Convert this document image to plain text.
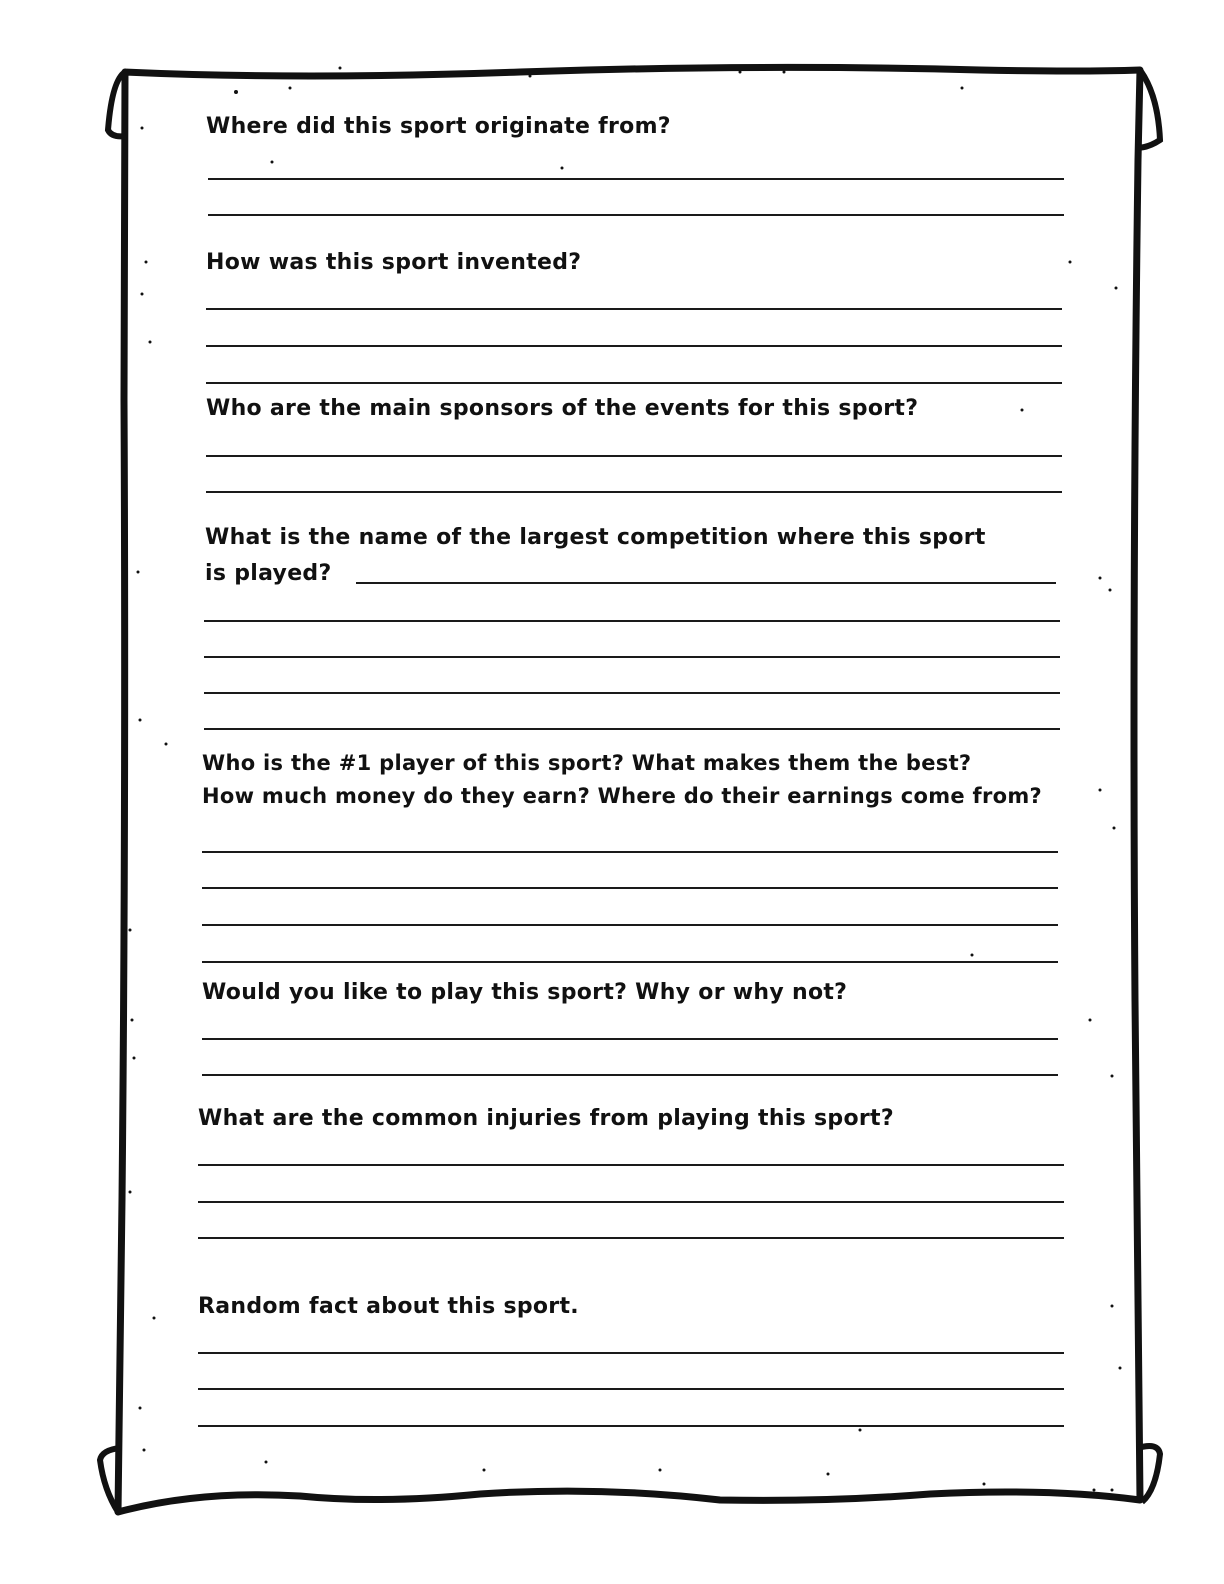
Where did this sport originate from?
How was this sport invented?
Who are the main sponsors of the events for this sport?
What is the name of the largest competition where this sport
is played?
Who is the #1 player of this sport? What makes them the best?
How much money do they earn? Where do their earnings come from?
Would you like to play this sport? Why or why not?
What are the common injuries from playing this sport?
Random fact about this sport.
